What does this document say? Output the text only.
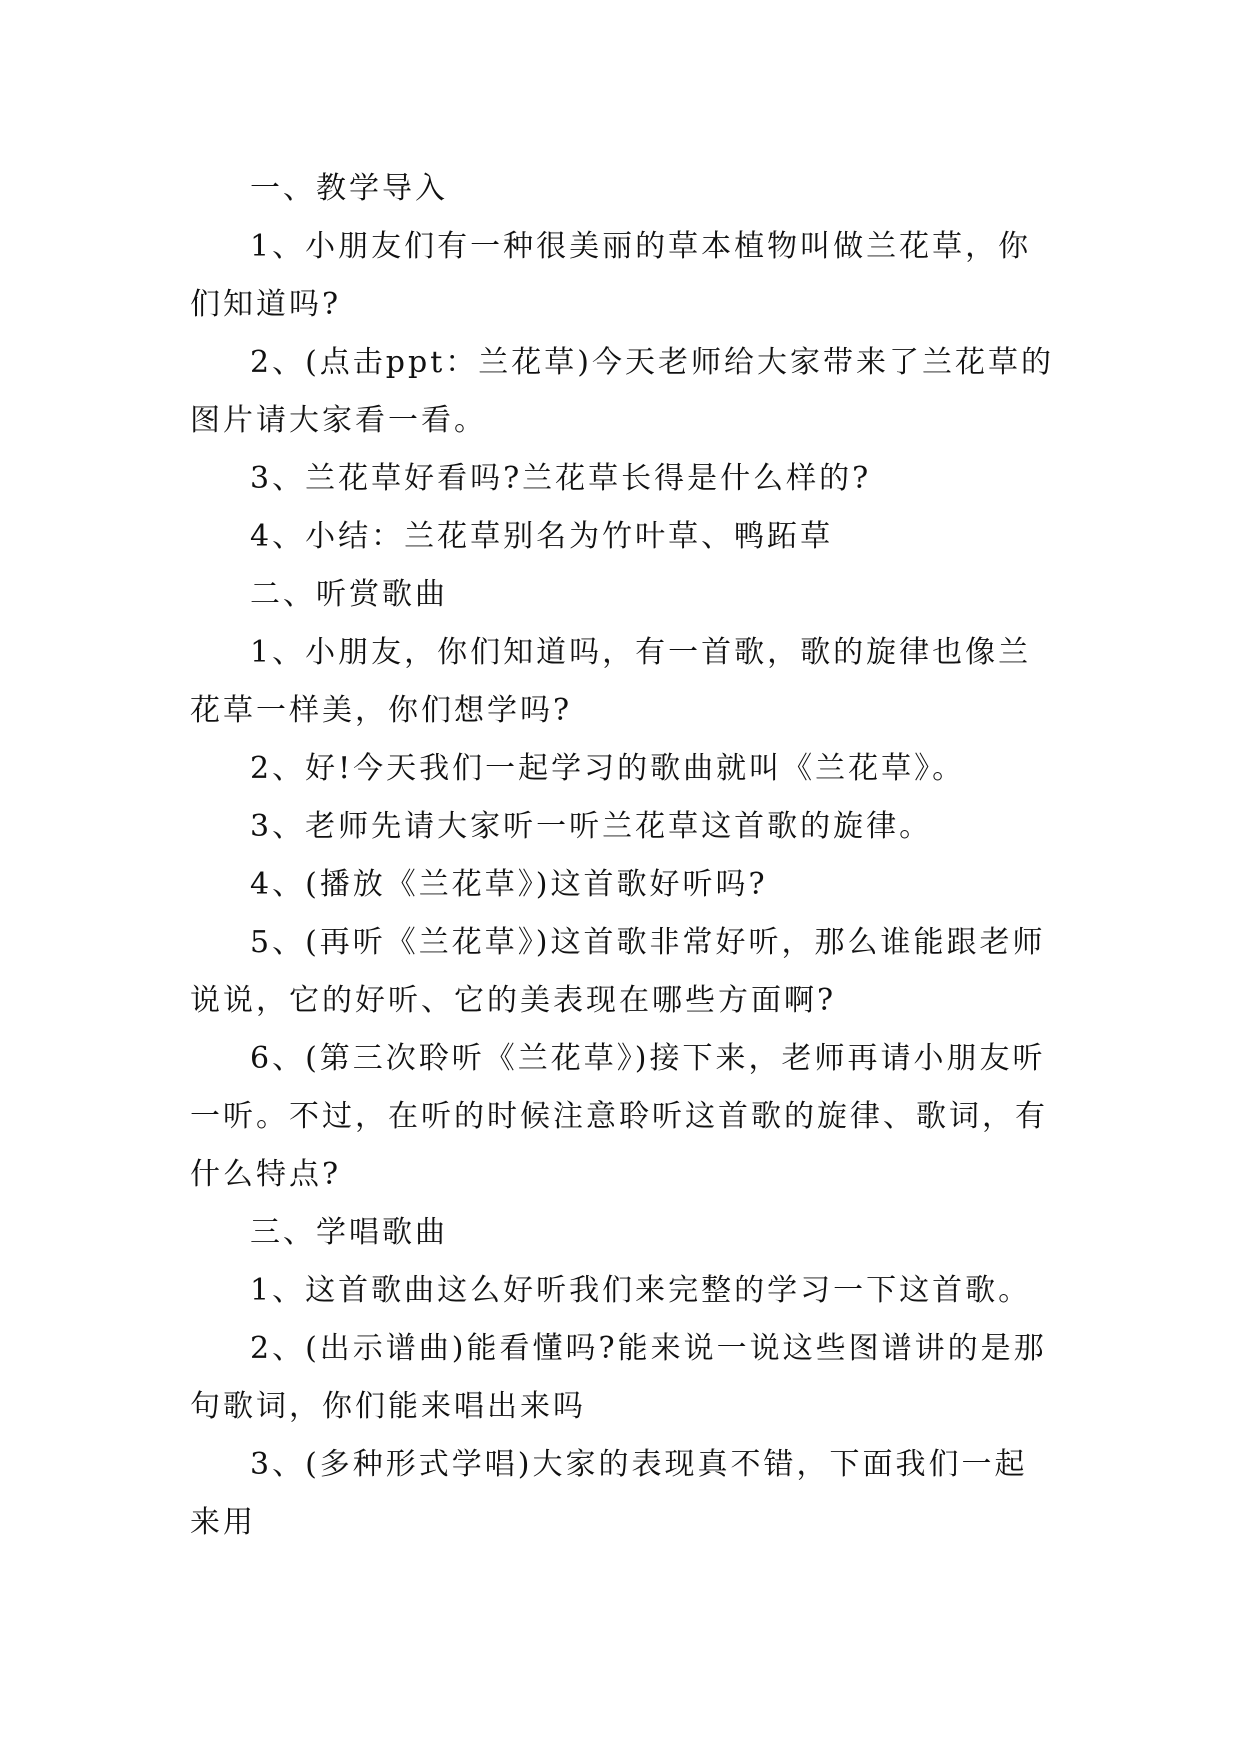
一、教学导入

1、小朋友们有一种很美丽的草本植物叫做兰花草，你们知道吗?

2、(点击ppt：兰花草)今天老师给大家带来了兰花草的图片请大家看一看。

3、兰花草好看吗?兰花草长得是什么样的?

4、小结：兰花草别名为竹叶草、鸭跖草

二、听赏歌曲

1、小朋友，你们知道吗，有一首歌，歌的旋律也像兰花草一样美，你们想学吗?

2、好!今天我们一起学习的歌曲就叫《兰花草》。

3、老师先请大家听一听兰花草这首歌的旋律。

4、(播放《兰花草》)这首歌好听吗?

5、(再听《兰花草》)这首歌非常好听，那么谁能跟老师说说，它的好听、它的美表现在哪些方面啊?

6、(第三次聆听《兰花草》)接下来，老师再请小朋友听一听。不过，在听的时候注意聆听这首歌的旋律、歌词，有什么特点?

三、学唱歌曲

1、这首歌曲这么好听我们来完整的学习一下这首歌。

2、(出示谱曲)能看懂吗?能来说一说这些图谱讲的是那句歌词，你们能来唱出来吗

3、(多种形式学唱)大家的表现真不错，下面我们一起来用
